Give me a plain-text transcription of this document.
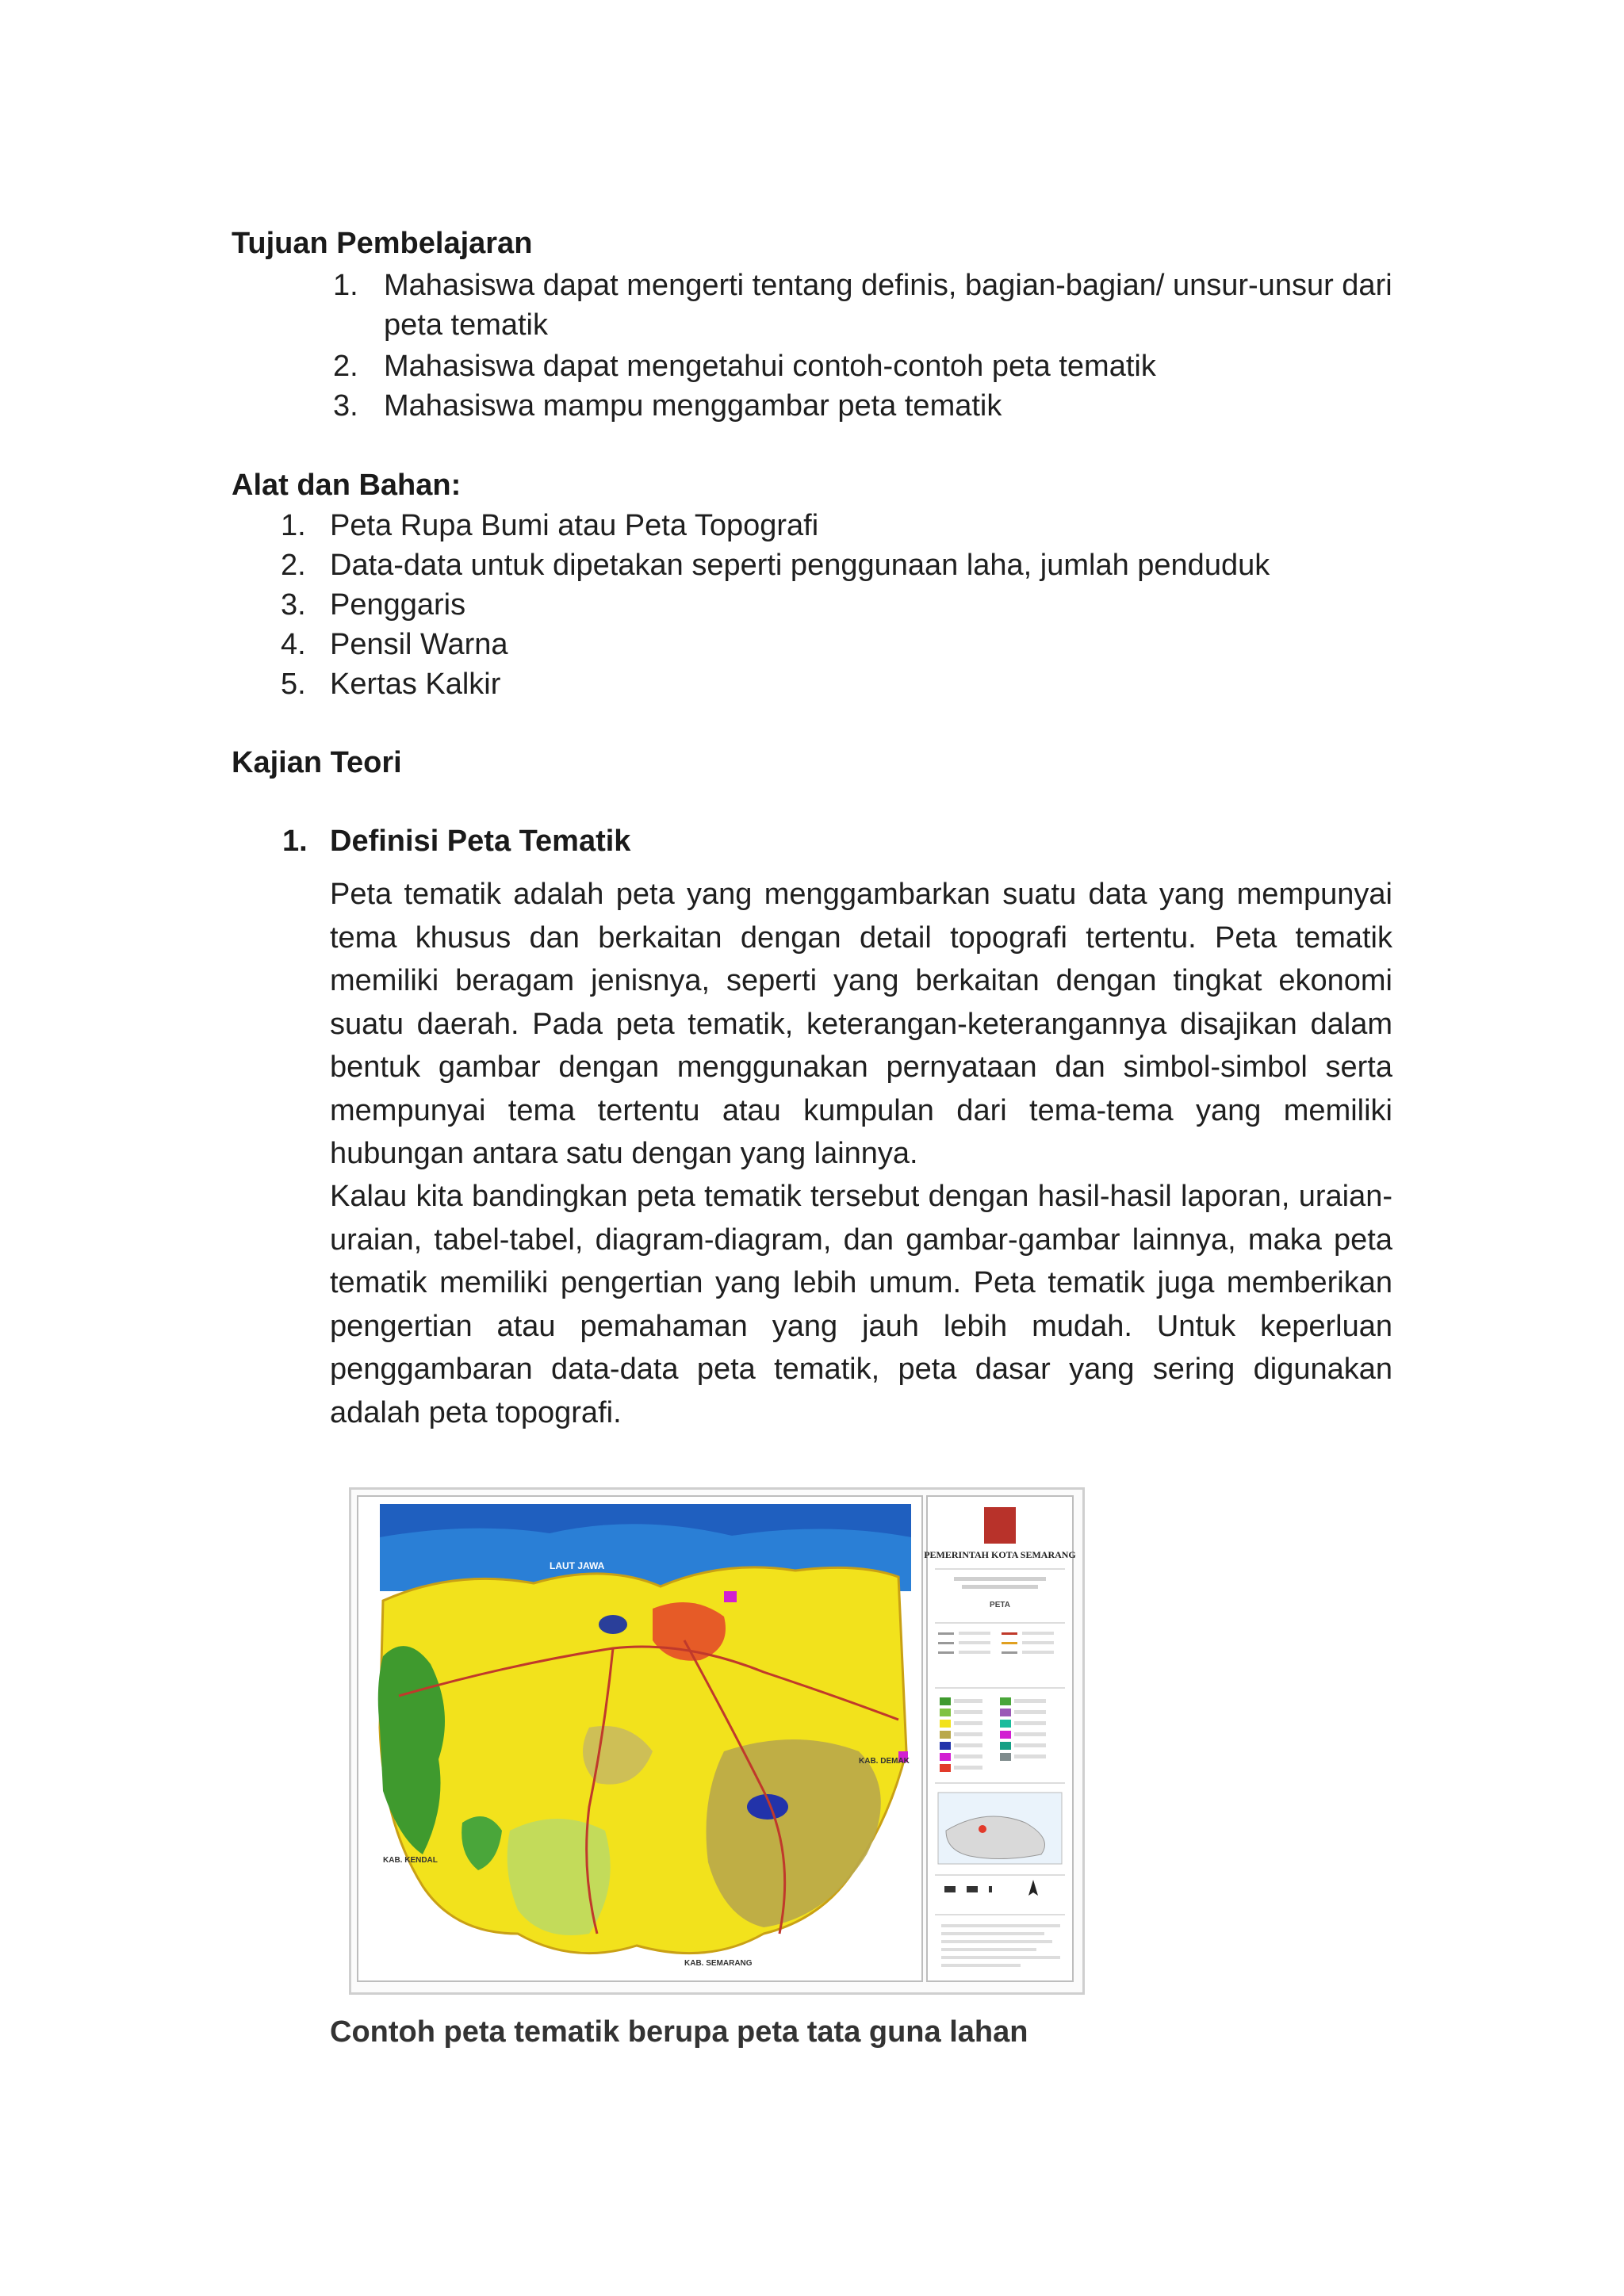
Tujuan Pembelajaran
1. Mahasiswa dapat mengerti tentang definis, bagian-bagian/ unsur-unsur dari
peta tematik
2. Mahasiswa dapat mengetahui contoh-contoh peta tematik
3. Mahasiswa mampu menggambar peta tematik
Alat dan Bahan:
1. Peta Rupa Bumi atau Peta Topografi
2. Data-data untuk dipetakan seperti penggunaan laha, jumlah penduduk
3. Penggaris
4. Pensil Warna
5. Kertas Kalkir
Kajian Teori
1. Definisi Peta Tematik
Peta tematik adalah peta yang menggambarkan suatu data yang mempunyai tema khusus dan berkaitan dengan detail topografi tertentu. Peta tematik memiliki beragam jenisnya, seperti yang berkaitan dengan tingkat ekonomi suatu daerah. Pada peta tematik, keterangan-keterangannya disajikan dalam bentuk gambar dengan menggunakan pernyataan dan simbol-simbol serta mempunyai tema tertentu atau kumpulan dari tema-tema yang memiliki hubungan antara satu dengan yang lainnya.
Kalau kita bandingkan peta tematik tersebut dengan hasil-hasil laporan, uraian-uraian, tabel-tabel, diagram-diagram, dan gambar-gambar lainnya, maka peta tematik memiliki pengertian yang lebih umum. Peta tematik juga memberikan pengertian atau pemahaman yang jauh lebih mudah. Untuk keperluan penggambaran data-data peta tematik, peta dasar yang sering digunakan adalah peta topografi.
LAUT JAWA
KAB. KENDAL
KAB. DEMAK
KAB. SEMARANG
PEMERINTAH KOTA SEMARANG
PETA
Contoh peta tematik berupa peta tata guna lahan
